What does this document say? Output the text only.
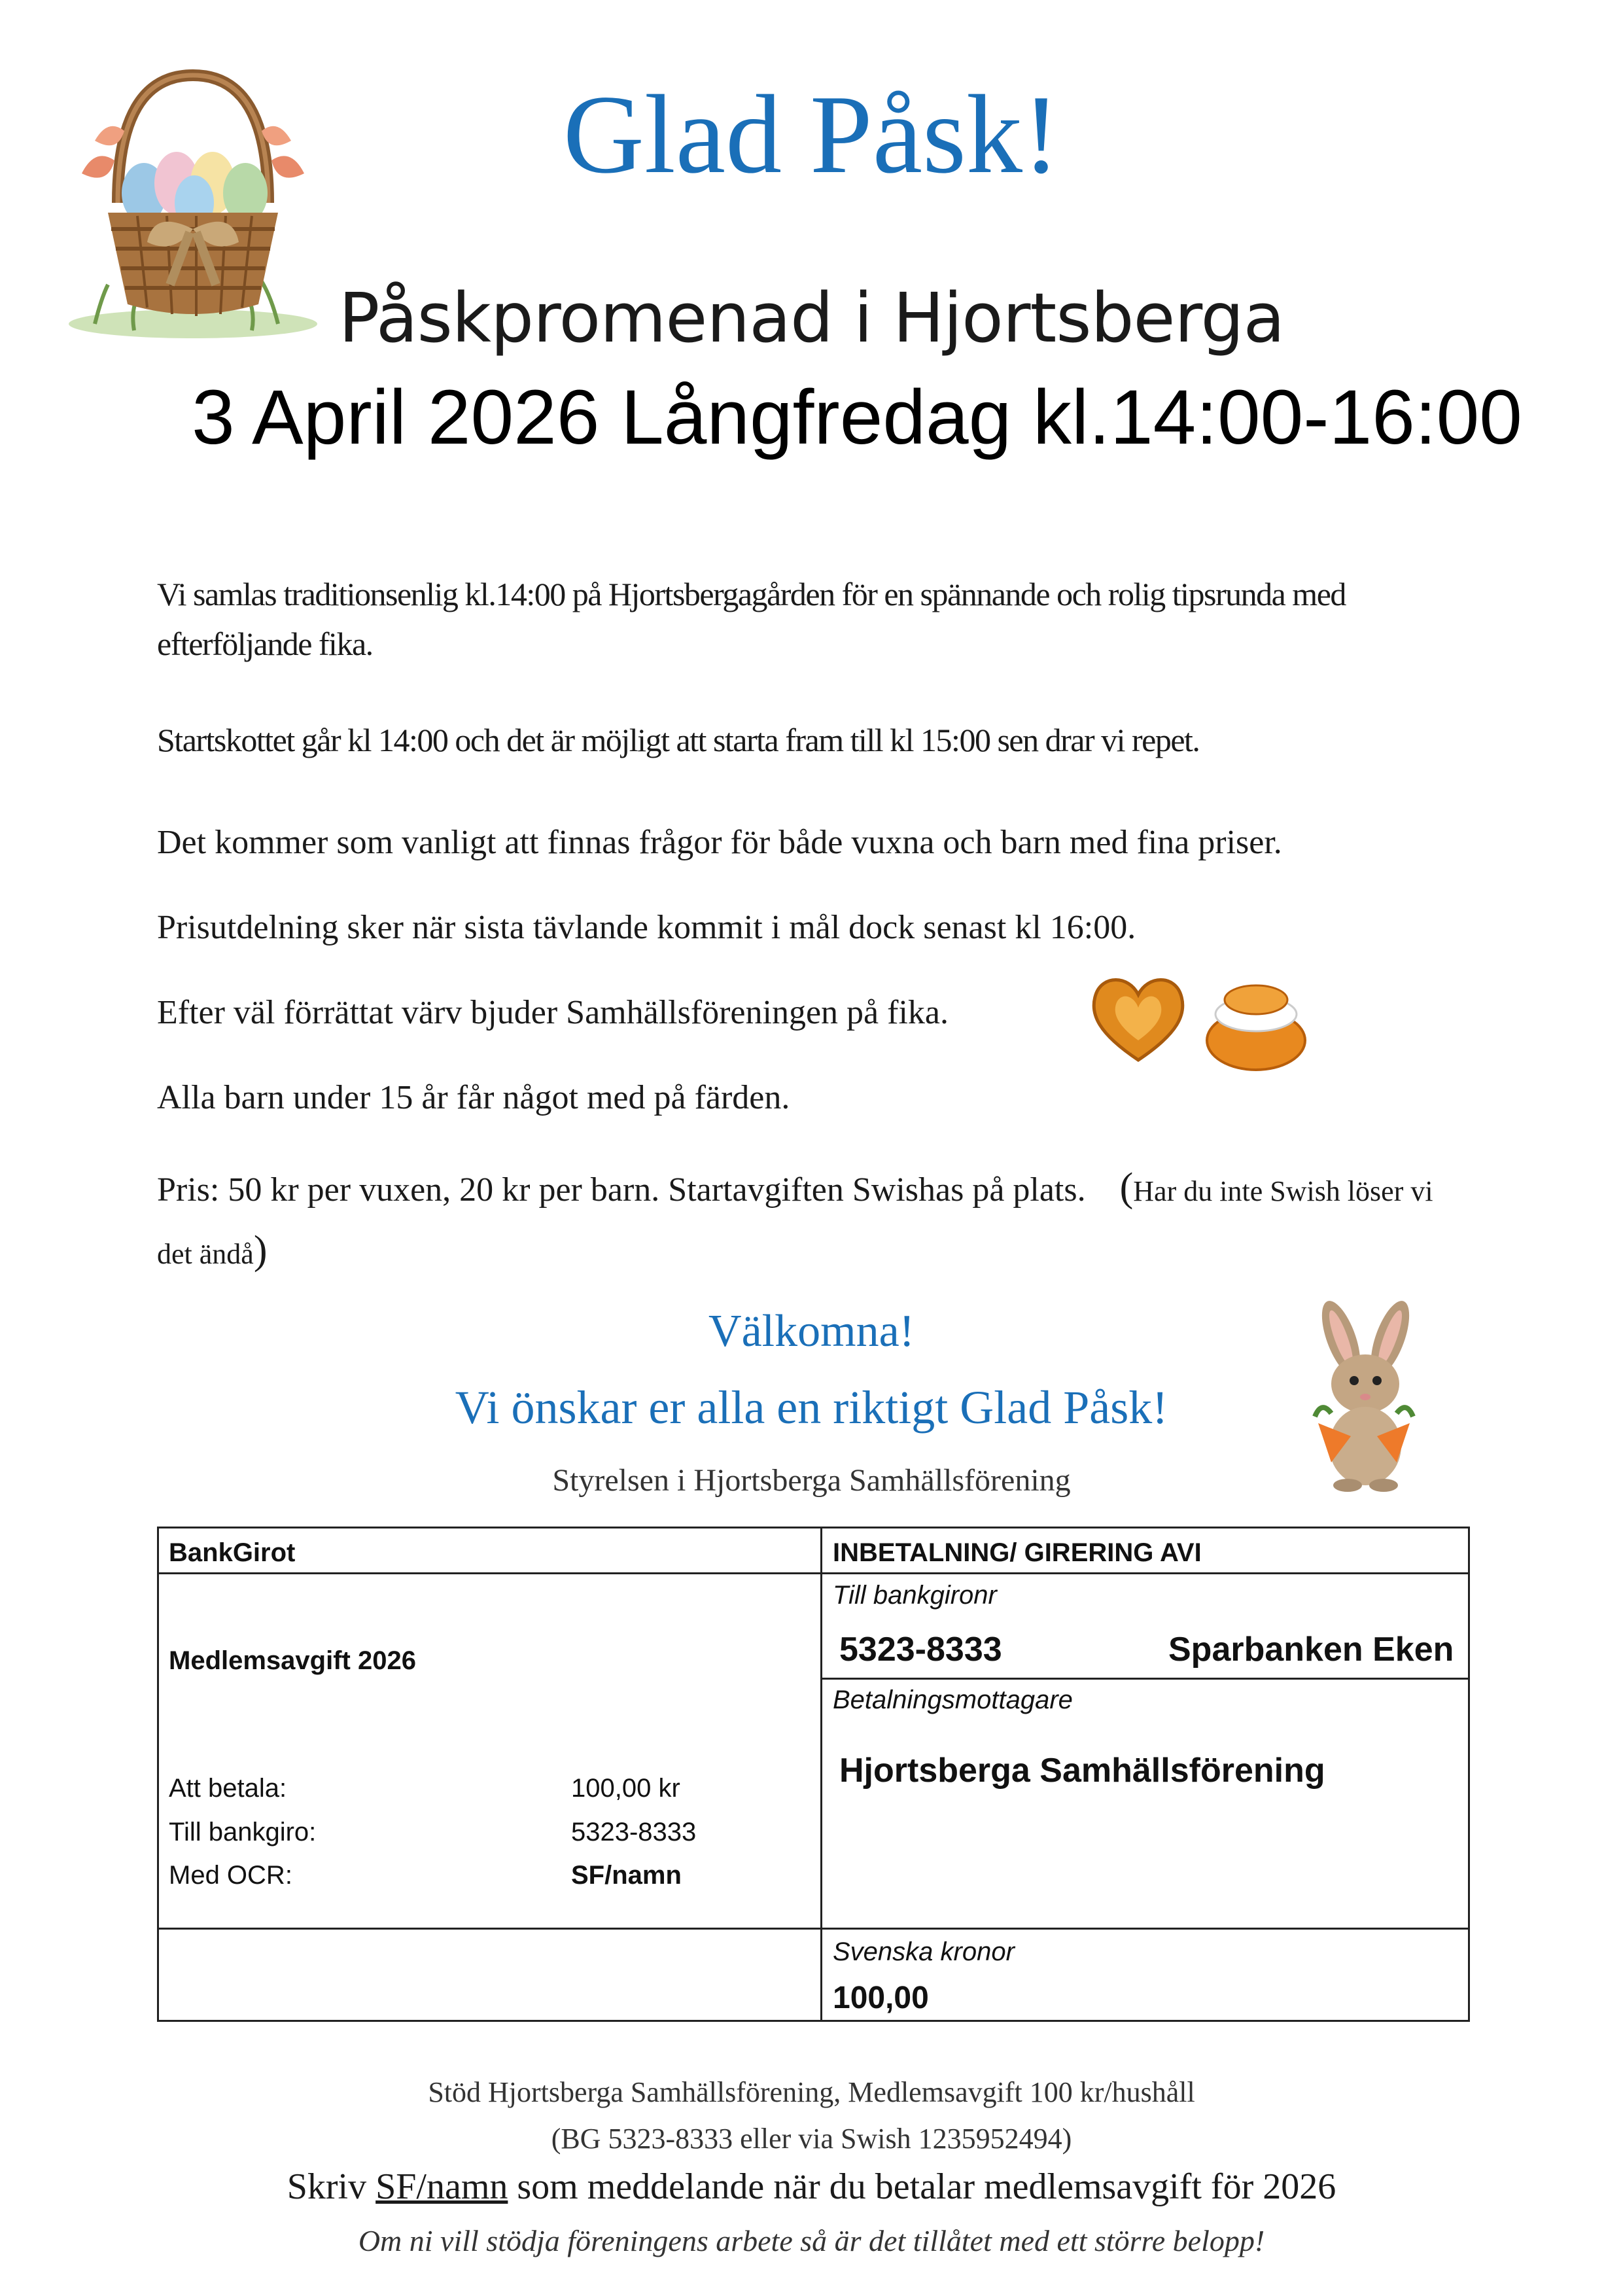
Glad Påsk!
Påskpromenad i Hjortsberga
3 April 2026 Långfredag kl.14:00-16:00
Vi samlas traditionsenlig kl.14:00 på Hjortsbergagården för en spännande och rolig tipsrunda med efterföljande fika.
Startskottet går kl 14:00 och det är möjligt att starta fram till kl 15:00 sen drar vi repet.
Det kommer som vanligt att finnas frågor för både vuxna och barn med fina priser.
Prisutdelning sker när sista tävlande kommit i mål dock senast kl 16:00.
Efter väl förrättat värv bjuder Samhällsföreningen på fika.
Alla barn under 15 år får något med på färden.
Pris: 50 kr per vuxen, 20 kr per barn. Startavgiften Swishas på plats. (Har du inte Swish löser vi det ändå)
Välkomna!
Vi önskar er alla en riktigt Glad Påsk!
Styrelsen i Hjortsberga Samhällsförening
BankGirot	INBETALNING/ GIRERING AVI
Medlemsavgift 2026
Att betala:	100,00 kr
Till bankgiro:	5323-8333
Med OCR:	SF/namn
Till bankgironr
5323-8333	Sparbanken Eken
Betalningsmottagare
Hjortsberga Samhällsförening
Svenska kronor
100,00
Stöd Hjortsberga Samhällsförening, Medlemsavgift 100 kr/hushåll
(BG 5323-8333 eller via Swish 1235952494)
Skriv SF/namn som meddelande när du betalar medlemsavgift för 2026
Om ni vill stödja föreningens arbete så är det tillåtet med ett större belopp!
